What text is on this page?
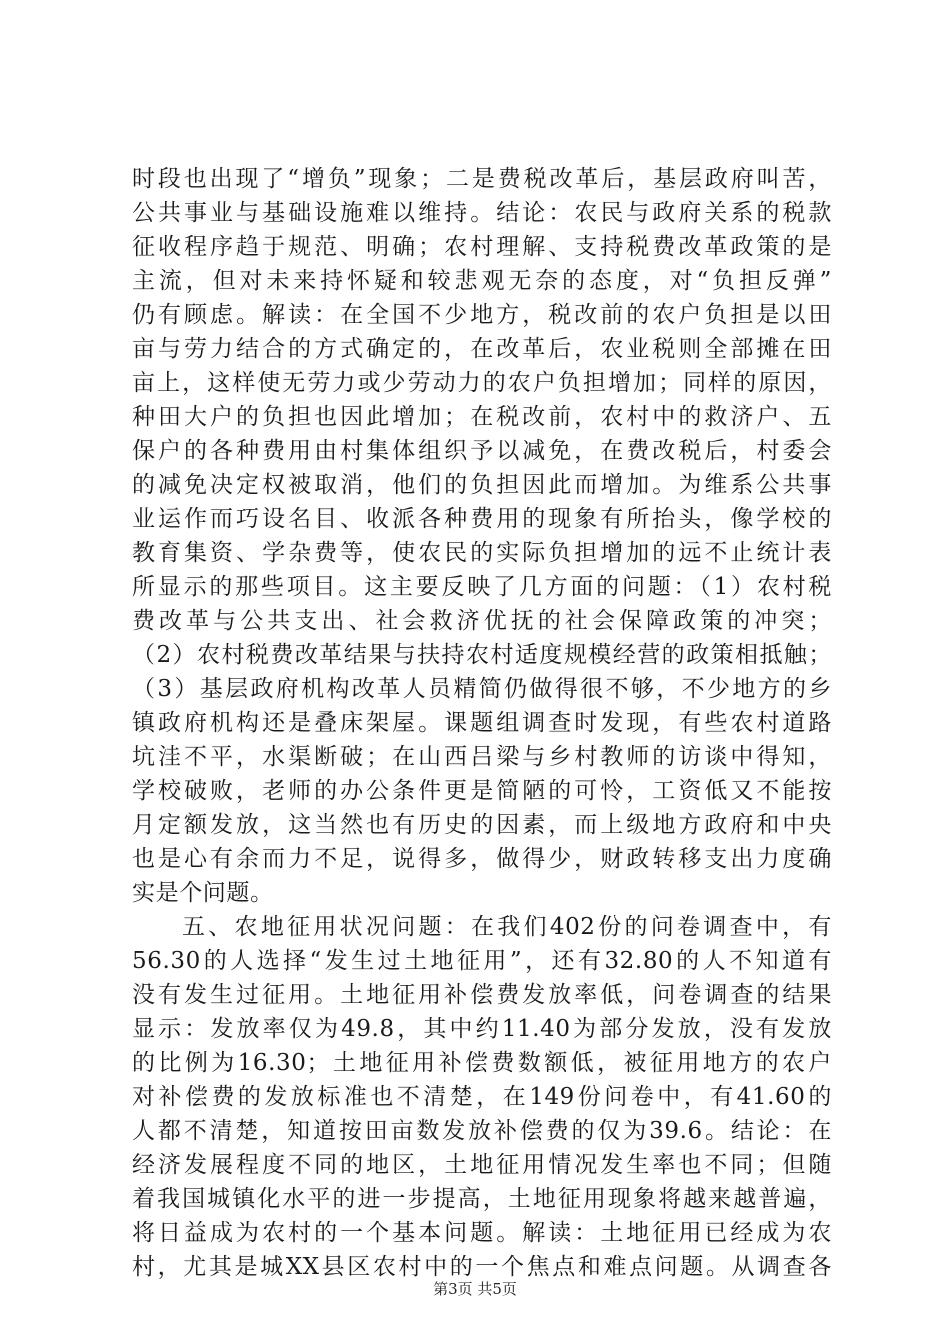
时段也出现了“增负”现象；二是费税改革后，基层政府叫苦，
公共事业与基础设施难以维持。结论：农民与政府关系的税款
征收程序趋于规范、明确；农村理解、支持税费改革政策的是
主流，但对未来持怀疑和较悲观无奈的态度，对“负担反弹”
仍有顾虑。解读：在全国不少地方，税改前的农户负担是以田
亩与劳力结合的方式确定的，在改革后，农业税则全部摊在田
亩上，这样使无劳力或少劳动力的农户负担增加；同样的原因，
种田大户的负担也因此增加；在税改前，农村中的救济户、五
保户的各种费用由村集体组织予以减免，在费改税后，村委会
的减免决定权被取消，他们的负担因此而增加。为维系公共事
业运作而巧设名目、收派各种费用的现象有所抬头，像学校的
教育集资、学杂费等，使农民的实际负担增加的远不止统计表
所显示的那些项目。这主要反映了几方面的问题：（1）农村税
费改革与公共支出、社会救济优抚的社会保障政策的冲突；
（2）农村税费改革结果与扶持农村适度规模经营的政策相抵触；
（3）基层政府机构改革人员精简仍做得很不够，不少地方的乡
镇政府机构还是叠床架屋。课题组调查时发现，有些农村道路
坑洼不平，水渠断破；在山西吕梁与乡村教师的访谈中得知，
学校破败，老师的办公条件更是简陋的可怜，工资低又不能按
月定额发放，这当然也有历史的因素，而上级地方政府和中央
也是心有余而力不足，说得多，做得少，财政转移支出力度确
实是个问题。
五、农地征用状况问题：在我们402份的问卷调查中，有
56.30的人选择“发生过土地征用”，还有32.80的人不知道有
没有发生过征用。土地征用补偿费发放率低，问卷调查的结果
显示：发放率仅为49.8，其中约11.40为部分发放，没有发放
的比例为16.30；土地征用补偿费数额低，被征用地方的农户
对补偿费的发放标准也不清楚，在149份问卷中，有41.60的
人都不清楚，知道按田亩数发放补偿费的仅为39.6。结论：在
经济发展程度不同的地区，土地征用情况发生率也不同；但随
着我国城镇化水平的进一步提高，土地征用现象将越来越普遍，
将日益成为农村的一个基本问题。解读：土地征用已经成为农
村，尤其是城XX县区农村中的一个焦点和难点问题。从调查各
第3页 共5页
